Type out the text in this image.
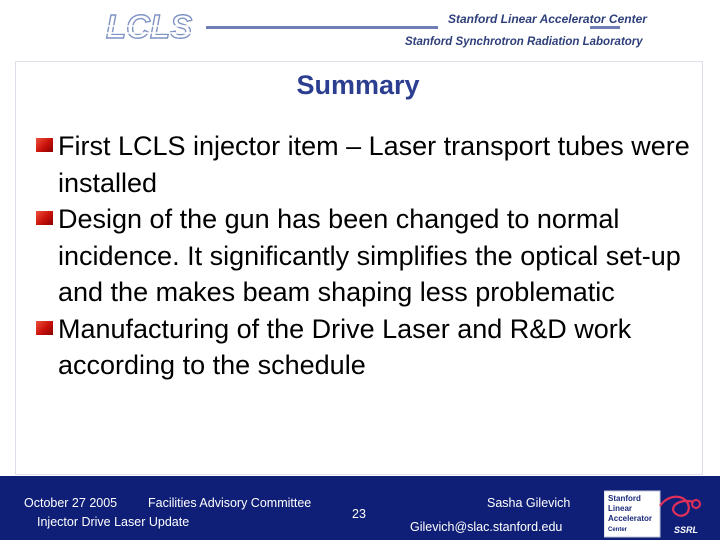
LCLS	Stanford Linear Accelerator Center
Stanford Synchrotron Radiation Laboratory
Summary
First LCLS injector item – Laser transport tubes were installed
Design of the gun has been changed to normal incidence. It significantly simplifies the optical set-up and the makes beam shaping less problematic
Manufacturing of the Drive Laser and R&D work according to the schedule
October 27 2005 Facilities Advisory Committee
Injector Drive Laser Update
23
Sasha Gilevich
Gilevich@slac.stanford.edu
Stanford
Linear
Accelerator
Center	SSRL
